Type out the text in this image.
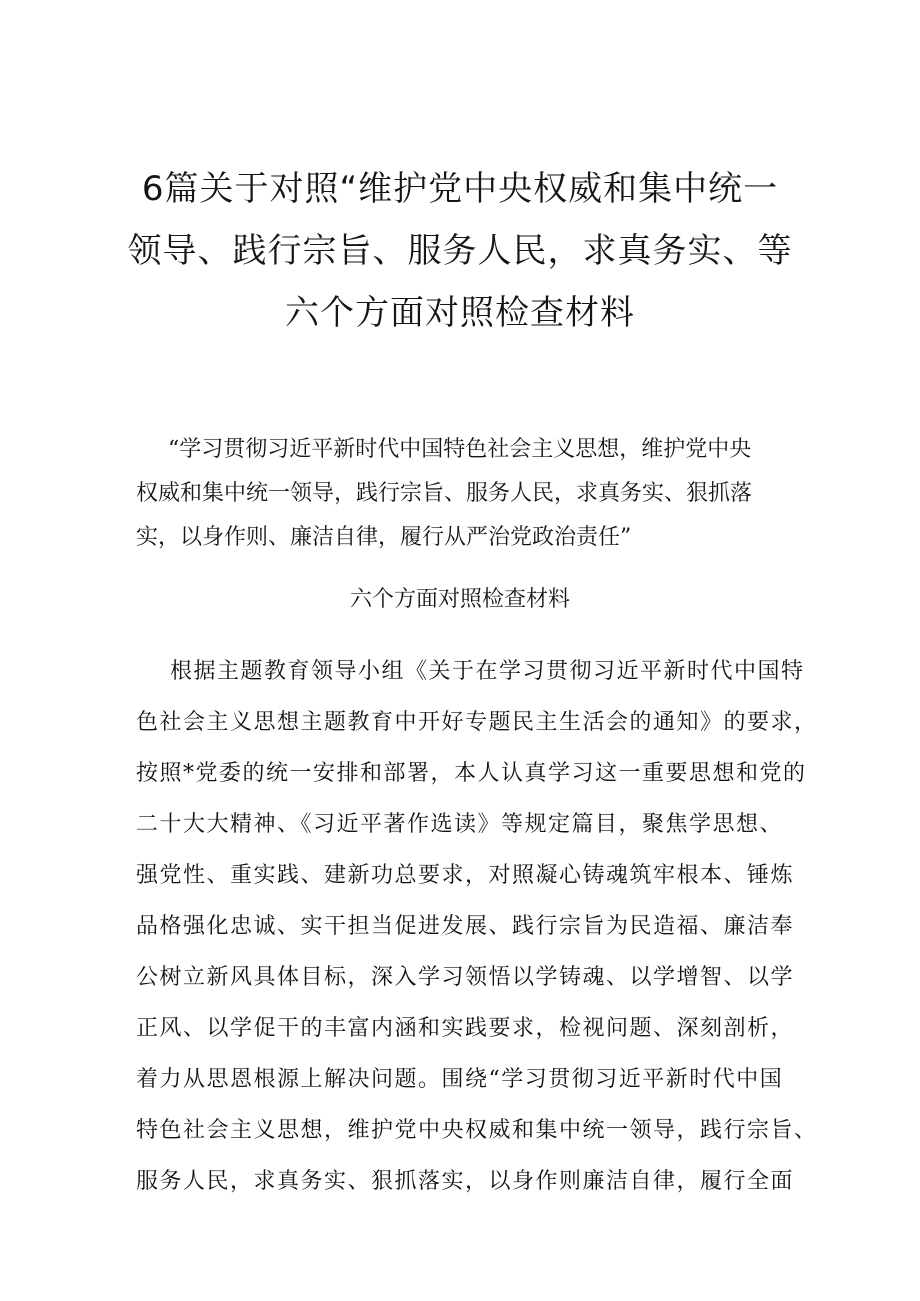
6篇关于对照“维护党中央权威和集中统一
领导、践行宗旨、服务人民，求真务实、等
六个方面对照检查材料
“学习贯彻习近平新时代中国特色社会主义思想，维护党中央
权威和集中统一领导，践行宗旨、服务人民，求真务实、狠抓落
实，以身作则、廉洁自律，履行从严治党政治责任”
六个方面对照检查材料
根据主题教育领导小组《关于在学习贯彻习近平新时代中国特
色社会主义思想主题教育中开好专题民主生活会的通知》的要求，
按照*党委的统一安排和部署，本人认真学习这一重要思想和党的
二十大大精神、《习近平著作选读》等规定篇目，聚焦学思想、
强党性、重实践、建新功总要求，对照凝心铸魂筑牢根本、锤炼
品格强化忠诚、实干担当促进发展、践行宗旨为民造福、廉洁奉
公树立新风具体目标，深入学习领悟以学铸魂、以学增智、以学
正风、以学促干的丰富内涵和实践要求，检视问题、深刻剖析，
着力从思恩根源上解决问题。围绕“学习贯彻习近平新时代中国
特色社会主义思想，维护党中央权威和集中统一领导，践行宗旨、
服务人民，求真务实、狠抓落实，以身作则廉洁自律，履行全面
